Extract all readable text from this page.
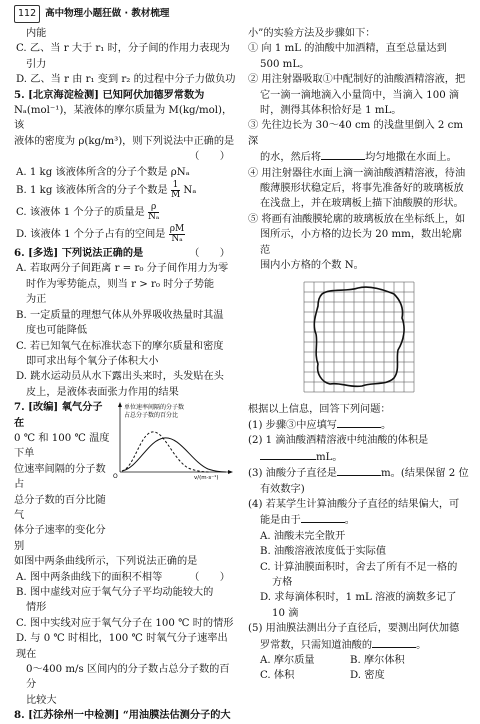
112 高中物理小题狂做 · 教材梳理

内能

C. 乙、当 r 大于 r₁ 时，分子间的作用力表现为

引力

D. 乙、当 r 由 r₁ 变到 r₂ 的过程中分子力做负功

5. [北京海淀检测] 已知阿伏加德罗常数为

Nₐ(mol⁻¹)，某液体的摩尔质量为 M(kg/mol)，该

液体的密度为 ρ(kg/m³)，则下列说法中正确的是

（　　）

A. 1 kg 该液体所含的分子个数是 ρNₐ

B. 1 kg 该液体所含的分子个数是 $\frac{1}{M}$ Nₐ

C. 该液体 1 个分子的质量是 $\frac{\rho}{\text{Nₐ}}$

D. 该液体 1 个分子占有的空间是 $\frac{\rho M}{\text{Nₐ}}$

6. [多选] 下列说法正确的是	（　　）

A. 若取两分子间距离 r = r₀ 分子间作用力为零

时作为零势能点，则当 r > r₀ 时分子势能

为正

B. 一定质量的理想气体从外界吸收热量时其温

度也可能降低

C. 若已知氧气在标准状态下的摩尔质量和密度

即可求出每个氧分子体积大小

D. 跳水运动员从水下露出头来时，头发贴在头

皮上，是液体表面张力作用的结果

7. [改编] 氧气分子在

0 ℃ 和 100 ℃ 温度下单

位速率间隔的分子数占

总分子数的百分比随气

体分子速率的变化分别

单位速率间隔的分子数
占总分子数的百分比
O	v/(m·s⁻¹)

如图中两条曲线所示，下列说法正确的是
（　　）

A. 图中两条曲线下的面积不相等

B. 图中虚线对应于氧气分子平均动能较大的

情形

C. 图中实线对应于氧气分子在 100 ℃ 时的情形

D. 与 0 ℃ 时相比，100 ℃ 时氧气分子速率出现在

0～400 m/s 区间内的分子数占总分子数的百分

比较大

8. [江苏徐州一中检测] “用油膜法估测分子的大

小”的实验方法及步骤如下：

① 向 1 mL 的油酸中加酒精，直至总量达到

500 mL。

② 用注射器吸取①中配制好的油酸酒精溶液，把

它一滴一滴地滴入小量筒中，当滴入 100 滴

时，测得其体积恰好是 1 mL。

③ 先往边长为 30～40 cm 的浅盘里倒入 2 cm 深

的水，然后将	均匀地撒在水面上。

④ 用注射器往水面上滴一滴油酸酒精溶液，待油

酸薄膜形状稳定后，将事先准备好的玻璃板放

在浅盘上，并在玻璃板上描下油酸膜的形状。

⑤ 将画有油酸膜轮廓的玻璃板放在坐标纸上，如

图所示，小方格的边长为 20 mm，数出轮廓范

围内小方格的个数 N。

根据以上信息，回答下列问题：

(1) 步骤③中应填写	。

(2) 1 滴油酸酒精溶液中纯油酸的体积是

mL。

(3) 油酸分子直径是	m。(结果保留 2 位

有效数字)

(4) 若某学生计算油酸分子直径的结果偏大，可

能是由于	。

A. 油酸未完全散开

B. 油酸溶液浓度低于实际值

C. 计算油膜面积时，舍去了所有不足一格的

方格

D. 求每滴体积时，1 mL 溶液的滴数多记了

10 滴

(5) 用油膜法测出分子直径后，要测出阿伏加德

罗常数，只需知道油酸的	。

A. 摩尔质量	B. 摩尔体积

C. 体积	D. 密度
